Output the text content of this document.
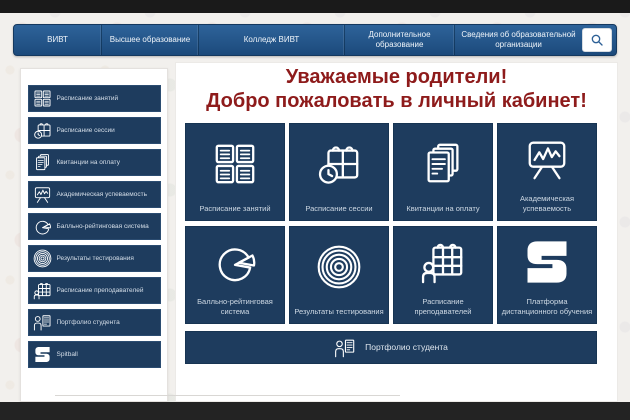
ВИВТ	Высшее образование	Колледж ВИВТ
Дополнительное образование
Сведения об образовательной организации
Расписание занятий
Расписание сессии
Квитанции на оплату
Академическая успеваемость
Балльно-рейтинговая система
Результаты тестирования
Расписание преподавателей
Портфолио студента
Spitball
Уважаемые родители!
Добро пожаловать в личный кабинет!
Расписание занятий	Расписание сессии	Квитанции на оплату
Академическая успеваемость
Балльно-рейтинговая система	Результаты тестирования
Расписание преподавателей
Платформа дистанционного обучения
Портфолио студента
